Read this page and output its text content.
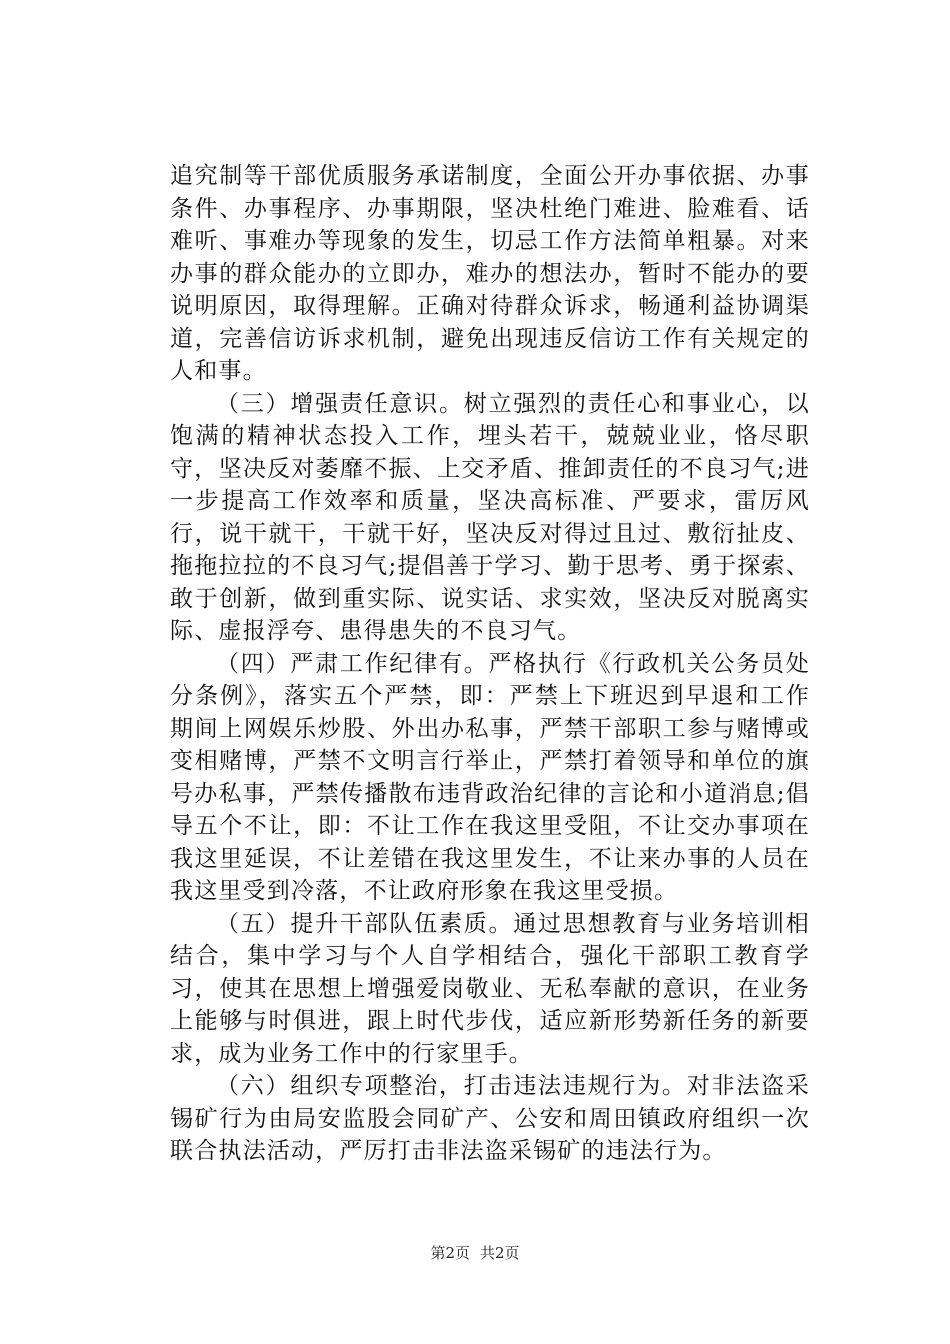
追究制等干部优质服务承诺制度，全面公开办事依据、办事条件、办事程序、办事期限，坚决杜绝门难进、脸难看、话难听、事难办等现象的发生，切忌工作方法简单粗暴。对来办事的群众能办的立即办，难办的想法办，暂时不能办的要说明原因，取得理解。正确对待群众诉求，畅通利益协调渠道，完善信访诉求机制，避免出现违反信访工作有关规定的人和事。

（三）增强责任意识。树立强烈的责任心和事业心，以饱满的精神状态投入工作，埋头若干，兢兢业业，恪尽职守，坚决反对萎靡不振、上交矛盾、推卸责任的不良习气;进一步提高工作效率和质量，坚决高标准、严要求，雷厉风行，说干就干，干就干好，坚决反对得过且过、敷衍扯皮、拖拖拉拉的不良习气;提倡善于学习、勤于思考、勇于探索、敢于创新，做到重实际、说实话、求实效，坚决反对脱离实际、虚报浮夸、患得患失的不良习气。

（四）严肃工作纪律有。严格执行《行政机关公务员处分条例》，落实五个严禁，即：严禁上下班迟到早退和工作期间上网娱乐炒股、外出办私事，严禁干部职工参与赌博或变相赌博，严禁不文明言行举止，严禁打着领导和单位的旗号办私事，严禁传播散布违背政治纪律的言论和小道消息;倡导五个不让，即：不让工作在我这里受阻，不让交办事项在我这里延误，不让差错在我这里发生，不让来办事的人员在我这里受到冷落，不让政府形象在我这里受损。

（五）提升干部队伍素质。通过思想教育与业务培训相结合，集中学习与个人自学相结合，强化干部职工教育学习，使其在思想上增强爱岗敬业、无私奉献的意识，在业务上能够与时俱进，跟上时代步伐，适应新形势新任务的新要求，成为业务工作中的行家里手。

（六）组织专项整治，打击违法违规行为。对非法盗采锡矿行为由局安监股会同矿产、公安和周田镇政府组织一次联合执法活动，严厉打击非法盗采锡矿的违法行为。

第2页 共2页
